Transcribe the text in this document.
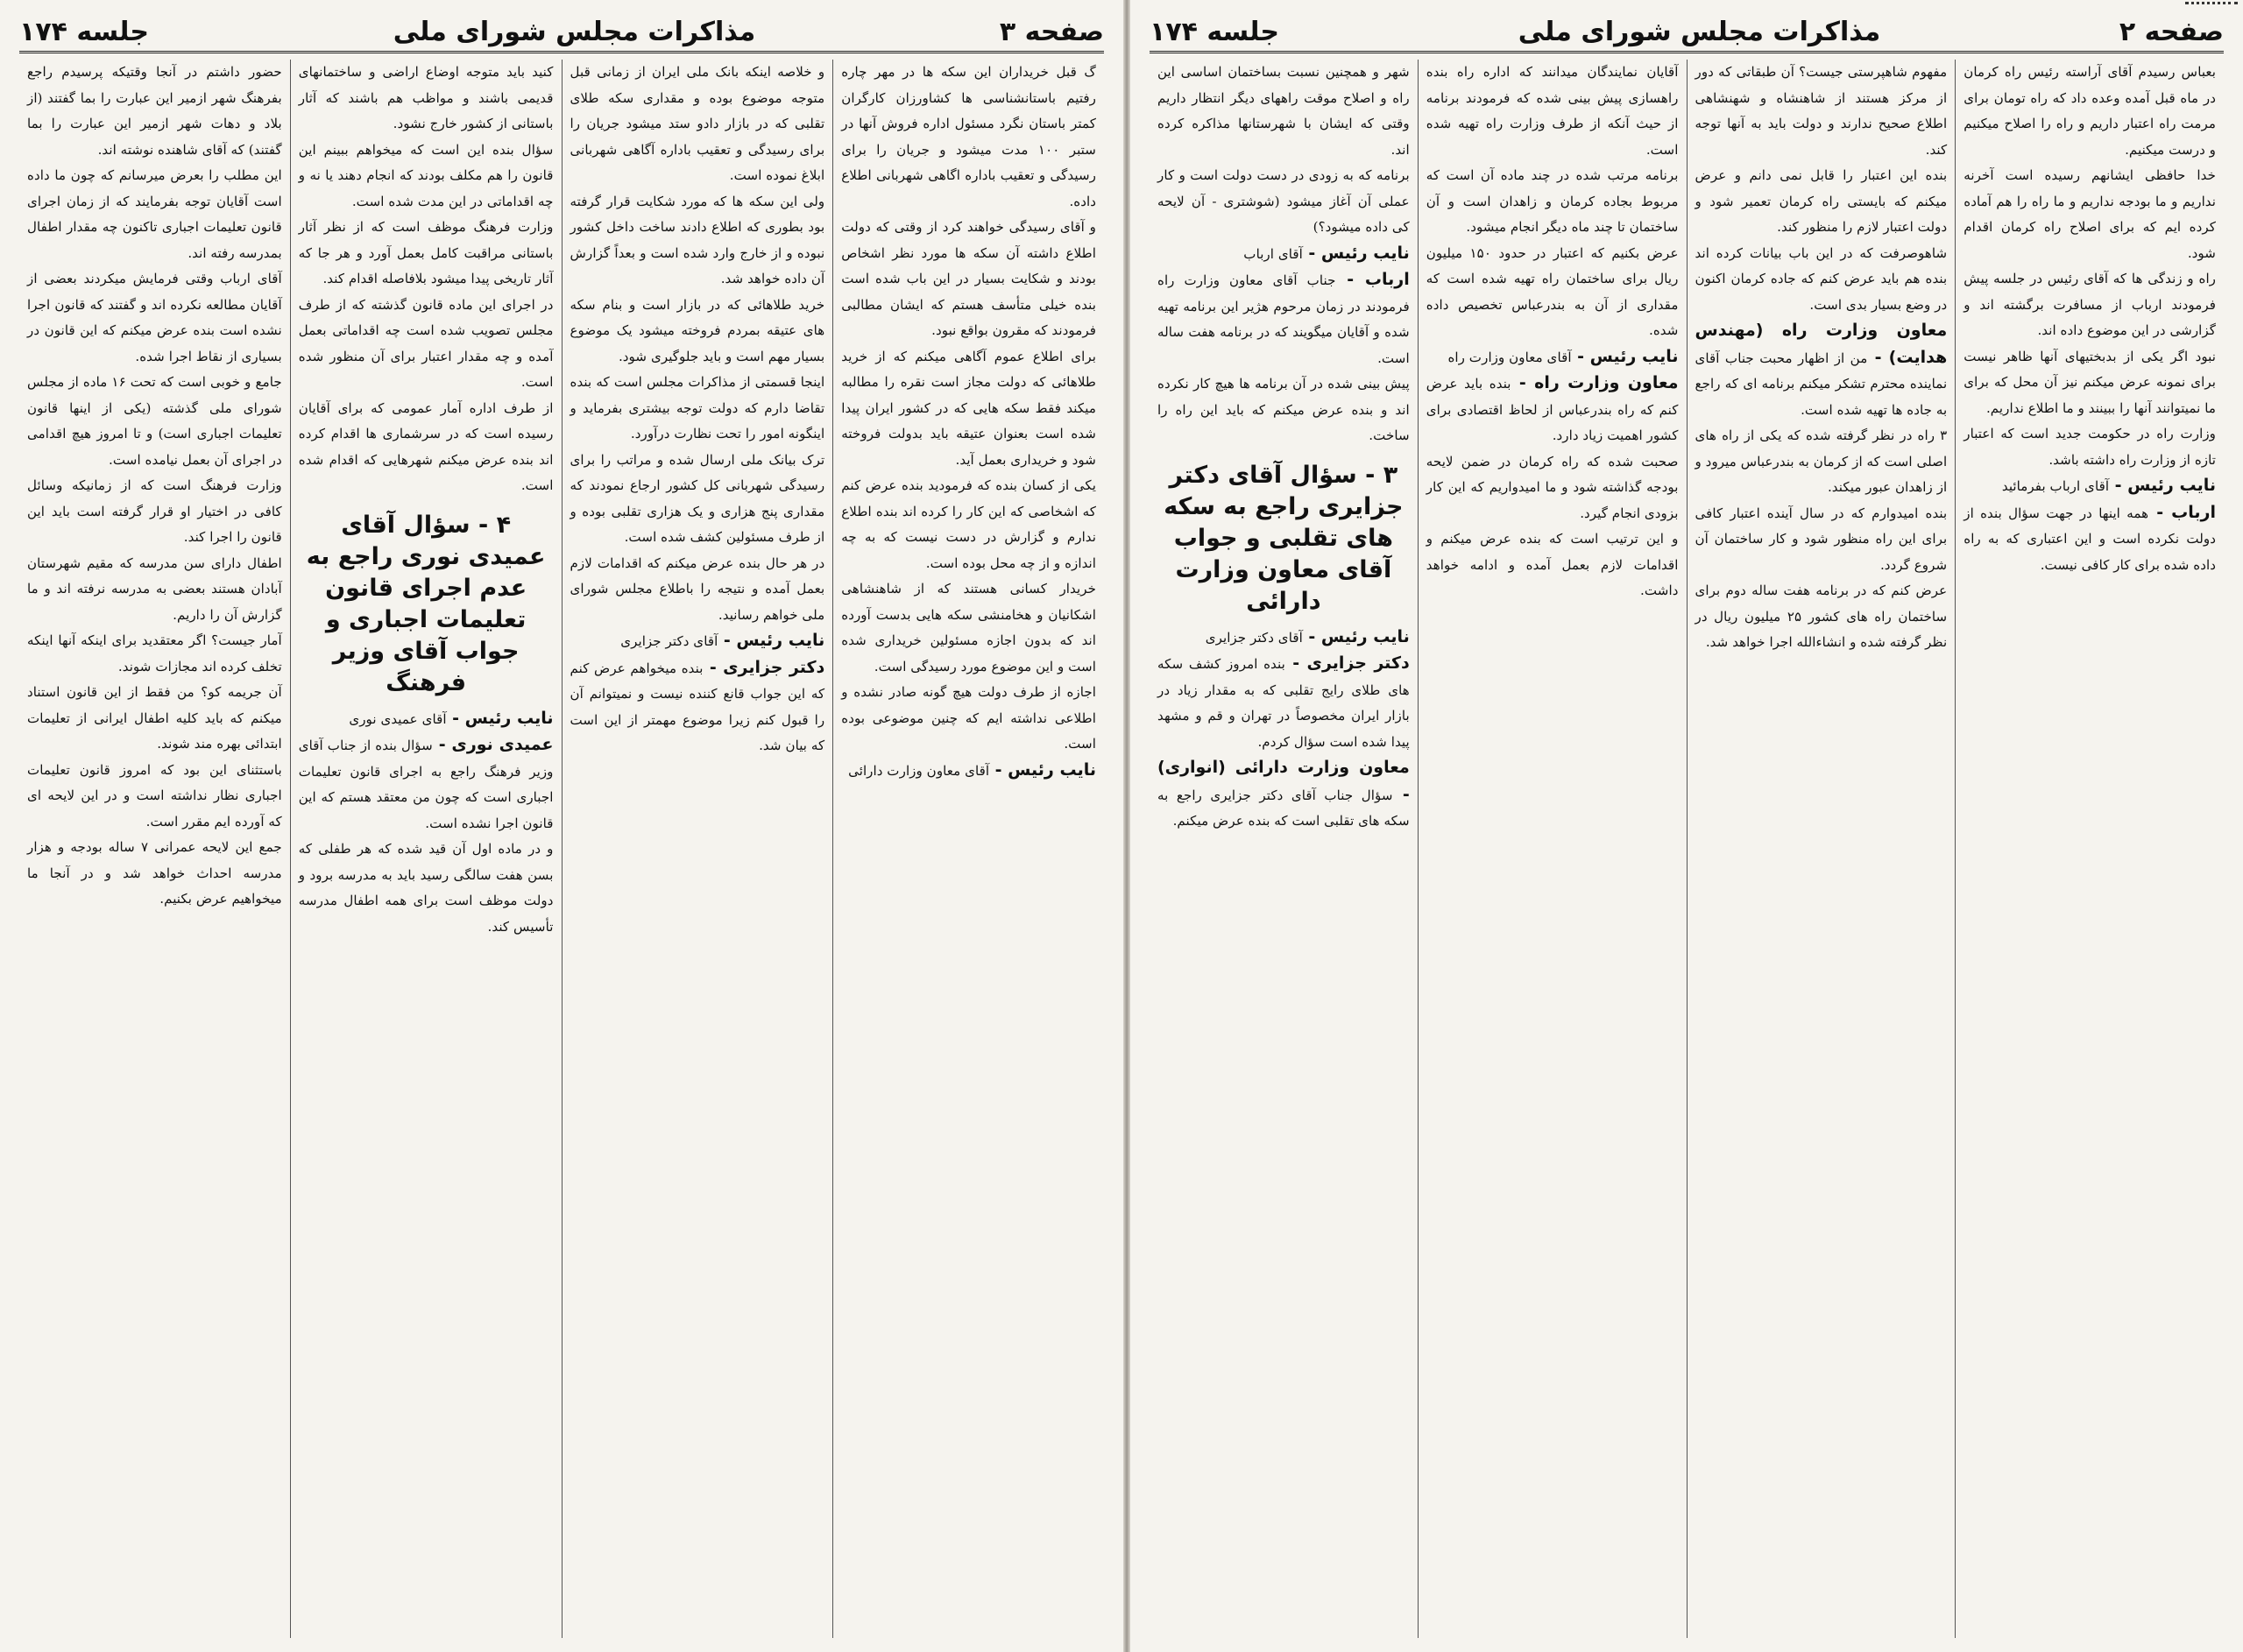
صفحه ۳
مذاکرات مجلس شورای ملی
جلسه ۱۷۴

گ قبل خریداران این سکه ها در مهر چاره رفتیم باستانشناسی ها کشاورزان کارگران کمتر باستان نگرد مسئول اداره فروش آنها در ستبر ۱۰۰ مدت میشود و جریان را برای رسیدگی و تعقیب باداره اگاهی شهربانی اطلاع داده.

و آقای رسیدگی خواهند کرد از وقتی که دولت اطلاع داشته آن سکه ها مورد نظر اشخاص بودند و شکایت بسیار در این باب شده است بنده خیلی متأسف هستم که ایشان مطالبی فرمودند که مقرون بواقع نبود.

برای اطلاع عموم آگاهی میکنم که از خرید طلاهائی که دولت مجاز است نقره را مطالبه میکند فقط سکه هایی که در کشور ایران پیدا شده است بعنوان عتیقه باید بدولت فروخته شود و خریداری بعمل آید.

یکی از کسان بنده که فرمودید بنده عرض کنم که اشخاصی که این کار را کرده اند بنده اطلاع ندارم و گزارش در دست نیست که به چه اندازه و از چه محل بوده است.

خریدار کسانی هستند که از شاهنشاهی اشکانیان و هخامنشی سکه هایی بدست آورده اند که بدون اجازه مسئولین خریداری شده است و این موضوع مورد رسیدگی است.

اجازه از طرف دولت هیچ گونه صادر نشده و اطلاعی نداشته ایم که چنین موضوعی بوده است.

نایب رئیس - آقای معاون وزارت دارائی

و خلاصه اینکه بانک ملی ایران از زمانی قبل متوجه موضوع بوده و مقداری سکه طلای تقلبی که در بازار دادو ستد میشود جریان را برای رسیدگی و تعقیب باداره آگاهی شهربانی ابلاغ نموده است.

ولی این سکه ها که مورد شکایت قرار گرفته بود بطوری که اطلاع دادند ساخت داخل کشور نبوده و از خارج وارد شده است و بعداً گزارش آن داده خواهد شد.

خرید طلاهائی که در بازار است و بنام سکه های عتیقه بمردم فروخته میشود یک موضوع بسیار مهم است و باید جلوگیری شود.

اینجا قسمتی از مذاکرات مجلس است که بنده تقاضا دارم که دولت توجه بیشتری بفرماید و اینگونه امور را تحت نظارت درآورد.

ترک بیانک ملی ارسال شده و مراتب را برای رسیدگی شهربانی کل کشور ارجاع نمودند که مقداری پنج هزاری و یک هزاری تقلبی بوده و از طرف مسئولین کشف شده است.

در هر حال بنده عرض میکنم که اقدامات لازم بعمل آمده و نتیجه را باطلاع مجلس شورای ملی خواهم رسانید.

نایب رئیس - آقای دکتر جزایری

دکتر جزایری - بنده میخواهم عرض کنم که این جواب قانع کننده نیست و نمیتوانم آن را قبول کنم زیرا موضوع مهمتر از این است که بیان شد.

کنید باید متوجه اوضاع اراضی و ساختمانهای قدیمی باشند و مواظب هم باشند که آثار باستانی از کشور خارج نشود.

سؤال بنده این است که میخواهم ببینم این قانون را هم مکلف بودند که انجام دهند یا نه و چه اقداماتی در این مدت شده است.

وزارت فرهنگ موظف است که از نظر آثار باستانی مراقبت کامل بعمل آورد و هر جا که آثار تاریخی پیدا میشود بلافاصله اقدام کند.

در اجرای این ماده قانون گذشته که از طرف مجلس تصویب شده است چه اقداماتی بعمل آمده و چه مقدار اعتبار برای آن منظور شده است.

از طرف اداره آمار عمومی که برای آقایان رسیده است که در سرشماری ها اقدام کرده اند بنده عرض میکنم شهرهایی که اقدام شده است.

۴ - سؤال آقای عمیدی نوری راجع به عدم اجرای قانون تعلیمات اجباری و جواب آقای وزیر فرهنگ

نایب رئیس - آقای عمیدی نوری

عمیدی نوری - سؤال بنده از جناب آقای وزیر فرهنگ راجع به اجرای قانون تعلیمات اجباری است که چون من معتقد هستم که این قانون اجرا نشده است.

و در ماده اول آن قید شده که هر طفلی که بسن هفت سالگی رسید باید به مدرسه برود و دولت موظف است برای همه اطفال مدرسه تأسیس کند.

حضور داشتم در آنجا وقتیکه پرسیدم راجع بفرهنگ شهر ازمیر این عبارت را بما گفتند (از بلاد و دهات شهر ازمیر این عبارت را بما گفتند) که آقای شاهنده نوشته اند.

این مطلب را بعرض میرسانم که چون ما داده است آقایان توجه بفرمایند که از زمان اجرای قانون تعلیمات اجباری تاکنون چه مقدار اطفال بمدرسه رفته اند.

آقای ارباب وقتی فرمایش میکردند بعضی از آقایان مطالعه نکرده اند و گفتند که قانون اجرا نشده است بنده عرض میکنم که این قانون در بسیاری از نقاط اجرا شده.

جامع و خوبی است که تحت ۱۶ ماده از مجلس شورای ملی گذشته (یکی از اینها قانون تعلیمات اجباری است) و تا امروز هیچ اقدامی در اجرای آن بعمل نیامده است.

وزارت فرهنگ است که از زمانیکه وسائل کافی در اختیار او قرار گرفته است باید این قانون را اجرا کند.

اطفال دارای سن مدرسه که مقیم شهرستان آبادان هستند بعضی به مدرسه نرفته اند و ما گزارش آن را داریم.

آمار جیست؟ اگر معتقدید برای اینکه آنها اینکه تخلف کرده اند مجازات شوند.

آن جریمه کو؟ من فقط از این قانون استناد میکنم که باید کلیه اطفال ایرانی از تعلیمات ابتدائی بهره مند شوند.

باستثنای این بود که امروز قانون تعلیمات اجباری نظار نداشته است و در این لایحه ای که آورده ایم مقرر است.

جمع این لایحه عمرانی ۷ ساله بودجه و هزار مدرسه احداث خواهد شد و در آنجا ما میخواهیم عرض بکنیم.

صفحه ۲
مذاکرات مجلس شورای ملی
جلسه ۱۷۴

بعباس رسیدم آقای آراسته رئیس راه کرمان در ماه قبل آمده وعده داد که راه تومان برای مرمت راه اعتبار داریم و راه را اصلاح میکنیم و درست میکنیم.

خدا حافظی ایشانهم رسیده است آخرنه نداریم و ما بودجه نداریم و ما راه را هم آماده کرده ایم که برای اصلاح راه کرمان اقدام شود.

راه و زندگی ها که آقای رئیس در جلسه پیش فرمودند ارباب از مسافرت برگشته اند و گزارشی در این موضوع داده اند.

نبود اگر یکی از بدبختیهای آنها ظاهر نیست برای نمونه عرض میکنم نیز آن محل که برای ما نمیتوانند آنها را ببینند و ما اطلاع نداریم.

وزارت راه در حکومت جدید است که اعتبار تازه از وزارت راه داشته باشد.

نایب رئیس - آقای ارباب بفرمائید

ارباب - همه اینها در جهت سؤال بنده از دولت نکرده است و این اعتباری که به راه داده شده برای کار کافی نیست.

مفهوم شاهپرستی جیست؟ آن طبقاتی که دور از مرکز هستند از شاهنشاه و شهنشاهی اطلاع صحیح ندارند و دولت باید به آنها توجه کند.

بنده این اعتبار را قابل نمی دانم و عرض میکنم که بایستی راه کرمان تعمیر شود و دولت اعتبار لازم را منظور کند.

شاهوصرفت که در این باب بیانات کرده اند بنده هم باید عرض کنم که جاده کرمان اکنون در وضع بسیار بدی است.

معاون وزارت راه (مهندس هدایت) - من از اظهار محبت جناب آقای نماینده محترم تشکر میکنم برنامه ای که راجع به جاده ها تهیه شده است.

۳ راه در نظر گرفته شده که یکی از راه های اصلی است که از کرمان به بندرعباس میرود و از زاهدان عبور میکند.

بنده امیدوارم که در سال آینده اعتبار کافی برای این راه منظور شود و کار ساختمان آن شروع گردد.

عرض کنم که در برنامه هفت ساله دوم برای ساختمان راه های کشور ۲۵ میلیون ریال در نظر گرفته شده و انشاءالله اجرا خواهد شد.

آقایان نمایندگان میدانند که اداره راه بنده راهسازی پیش بینی شده که فرمودند برنامه از حیث آنکه از طرف وزارت راه تهیه شده است.

برنامه مرتب شده در چند ماده آن است که مربوط بجاده کرمان و زاهدان است و آن ساختمان تا چند ماه دیگر انجام میشود.

عرض بکنیم که اعتبار در حدود ۱۵۰ میلیون ریال برای ساختمان راه تهیه شده است که مقداری از آن به بندرعباس تخصیص داده شده.

نایب رئیس - آقای معاون وزارت راه

معاون وزارت راه - بنده باید عرض کنم که راه بندرعباس از لحاظ اقتصادی برای کشور اهمیت زیاد دارد.

صحبت شده که راه کرمان در ضمن لایحه بودجه گذاشته شود و ما امیدواریم که این کار بزودی انجام گیرد.

و این ترتیب است که بنده عرض میکنم و اقدامات لازم بعمل آمده و ادامه خواهد داشت.

شهر و همچنین نسبت بساختمان اساسی این راه و اصلاح موقت راههای دیگر انتظار داریم وقتی که ایشان با شهرستانها مذاکره کرده اند.

برنامه که به زودی در دست دولت است و کار عملی آن آغاز میشود (شوشتری - آن لایحه کی داده میشود؟)

نایب رئیس - آقای ارباب

ارباب - جناب آقای معاون وزارت راه فرمودند در زمان مرحوم هژیر این برنامه تهیه شده و آقایان میگویند که در برنامه هفت ساله است.

پیش بینی شده در آن برنامه ها هیچ کار نکرده اند و بنده عرض میکنم که باید این راه را ساخت.

۳ - سؤال آقای دکتر جزایری راجع به سکه های تقلبی و جواب آقای معاون وزارت دارائی

نایب رئیس - آقای دکتر جزایری

دکتر جزایری - بنده امروز کشف سکه های طلای رایج تقلبی که به مقدار زیاد در بازار ایران مخصوصاً در تهران و قم و مشهد پیدا شده است سؤال کردم.

معاون وزارت دارائی (انواری) - سؤال جناب آقای دکتر جزایری راجع به سکه های تقلبی است که بنده عرض میکنم.
